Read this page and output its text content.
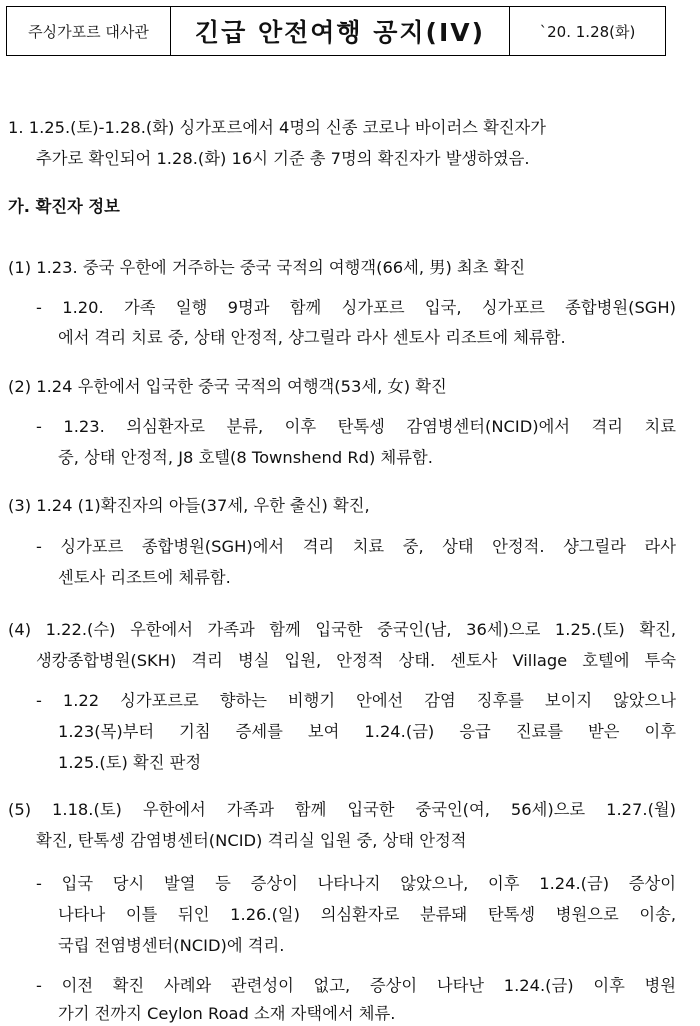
주싱가포르 대사관	긴급 안전여행 공지(IV)	`20. 1.28(화)
1. 1.25.(토)-1.28.(화) 싱가포르에서 4명의 신종 코로나 바이러스 확진자가
추가로 확인되어 1.28.(화) 16시 기준 총 7명의 확진자가 발생하였음.
가. 확진자 정보
(1) 1.23. 중국 우한에 거주하는 중국 국적의 여행객(66세, 男) 최초 확진
- 1.20. 가족 일행 9명과 함께 싱가포르 입국, 싱가포르 종합병원(SGH)
에서 격리 치료 중, 상태 안정적, 샹그릴라 라사 센토사 리조트에 체류함.
(2) 1.24 우한에서 입국한 중국 국적의 여행객(53세, 女) 확진
- 1.23. 의심환자로 분류, 이후 탄톡셍 감염병센터(NCID)에서 격리 치료
중, 상태 안정적, J8 호텔(8 Townshend Rd) 체류함.
(3) 1.24 (1)확진자의 아들(37세, 우한 출신) 확진,
- 싱가포르 종합병원(SGH)에서 격리 치료 중, 상태 안정적. 샹그릴라 라사
센토사 리조트에 체류함.
(4) 1.22.(수) 우한에서 가족과 함께 입국한 중국인(남, 36세)으로 1.25.(토) 확진,
생캉종합병원(SKH) 격리 병실 입원, 안정적 상태. 센토사 Village 호텔에 투숙
- 1.22 싱가포르로 향하는 비행기 안에선 감염 징후를 보이지 않았으나
1.23(목)부터 기침 증세를 보여 1.24.(금) 응급 진료를 받은 이후
1.25.(토) 확진 판정
(5) 1.18.(토) 우한에서 가족과 함께 입국한 중국인(여, 56세)으로 1.27.(월)
확진, 탄톡셍 감염병센터(NCID) 격리실 입원 중, 상태 안정적
- 입국 당시 발열 등 증상이 나타나지 않았으나, 이후 1.24.(금) 증상이
나타나 이틀 뒤인 1.26.(일) 의심환자로 분류돼 탄톡셍 병원으로 이송,
국립 전염병센터(NCID)에 격리.
- 이전 확진 사례와 관련성이 없고, 증상이 나타난 1.24.(금) 이후 병원
가기 전까지 Ceylon Road 소재 자택에서 체류.
